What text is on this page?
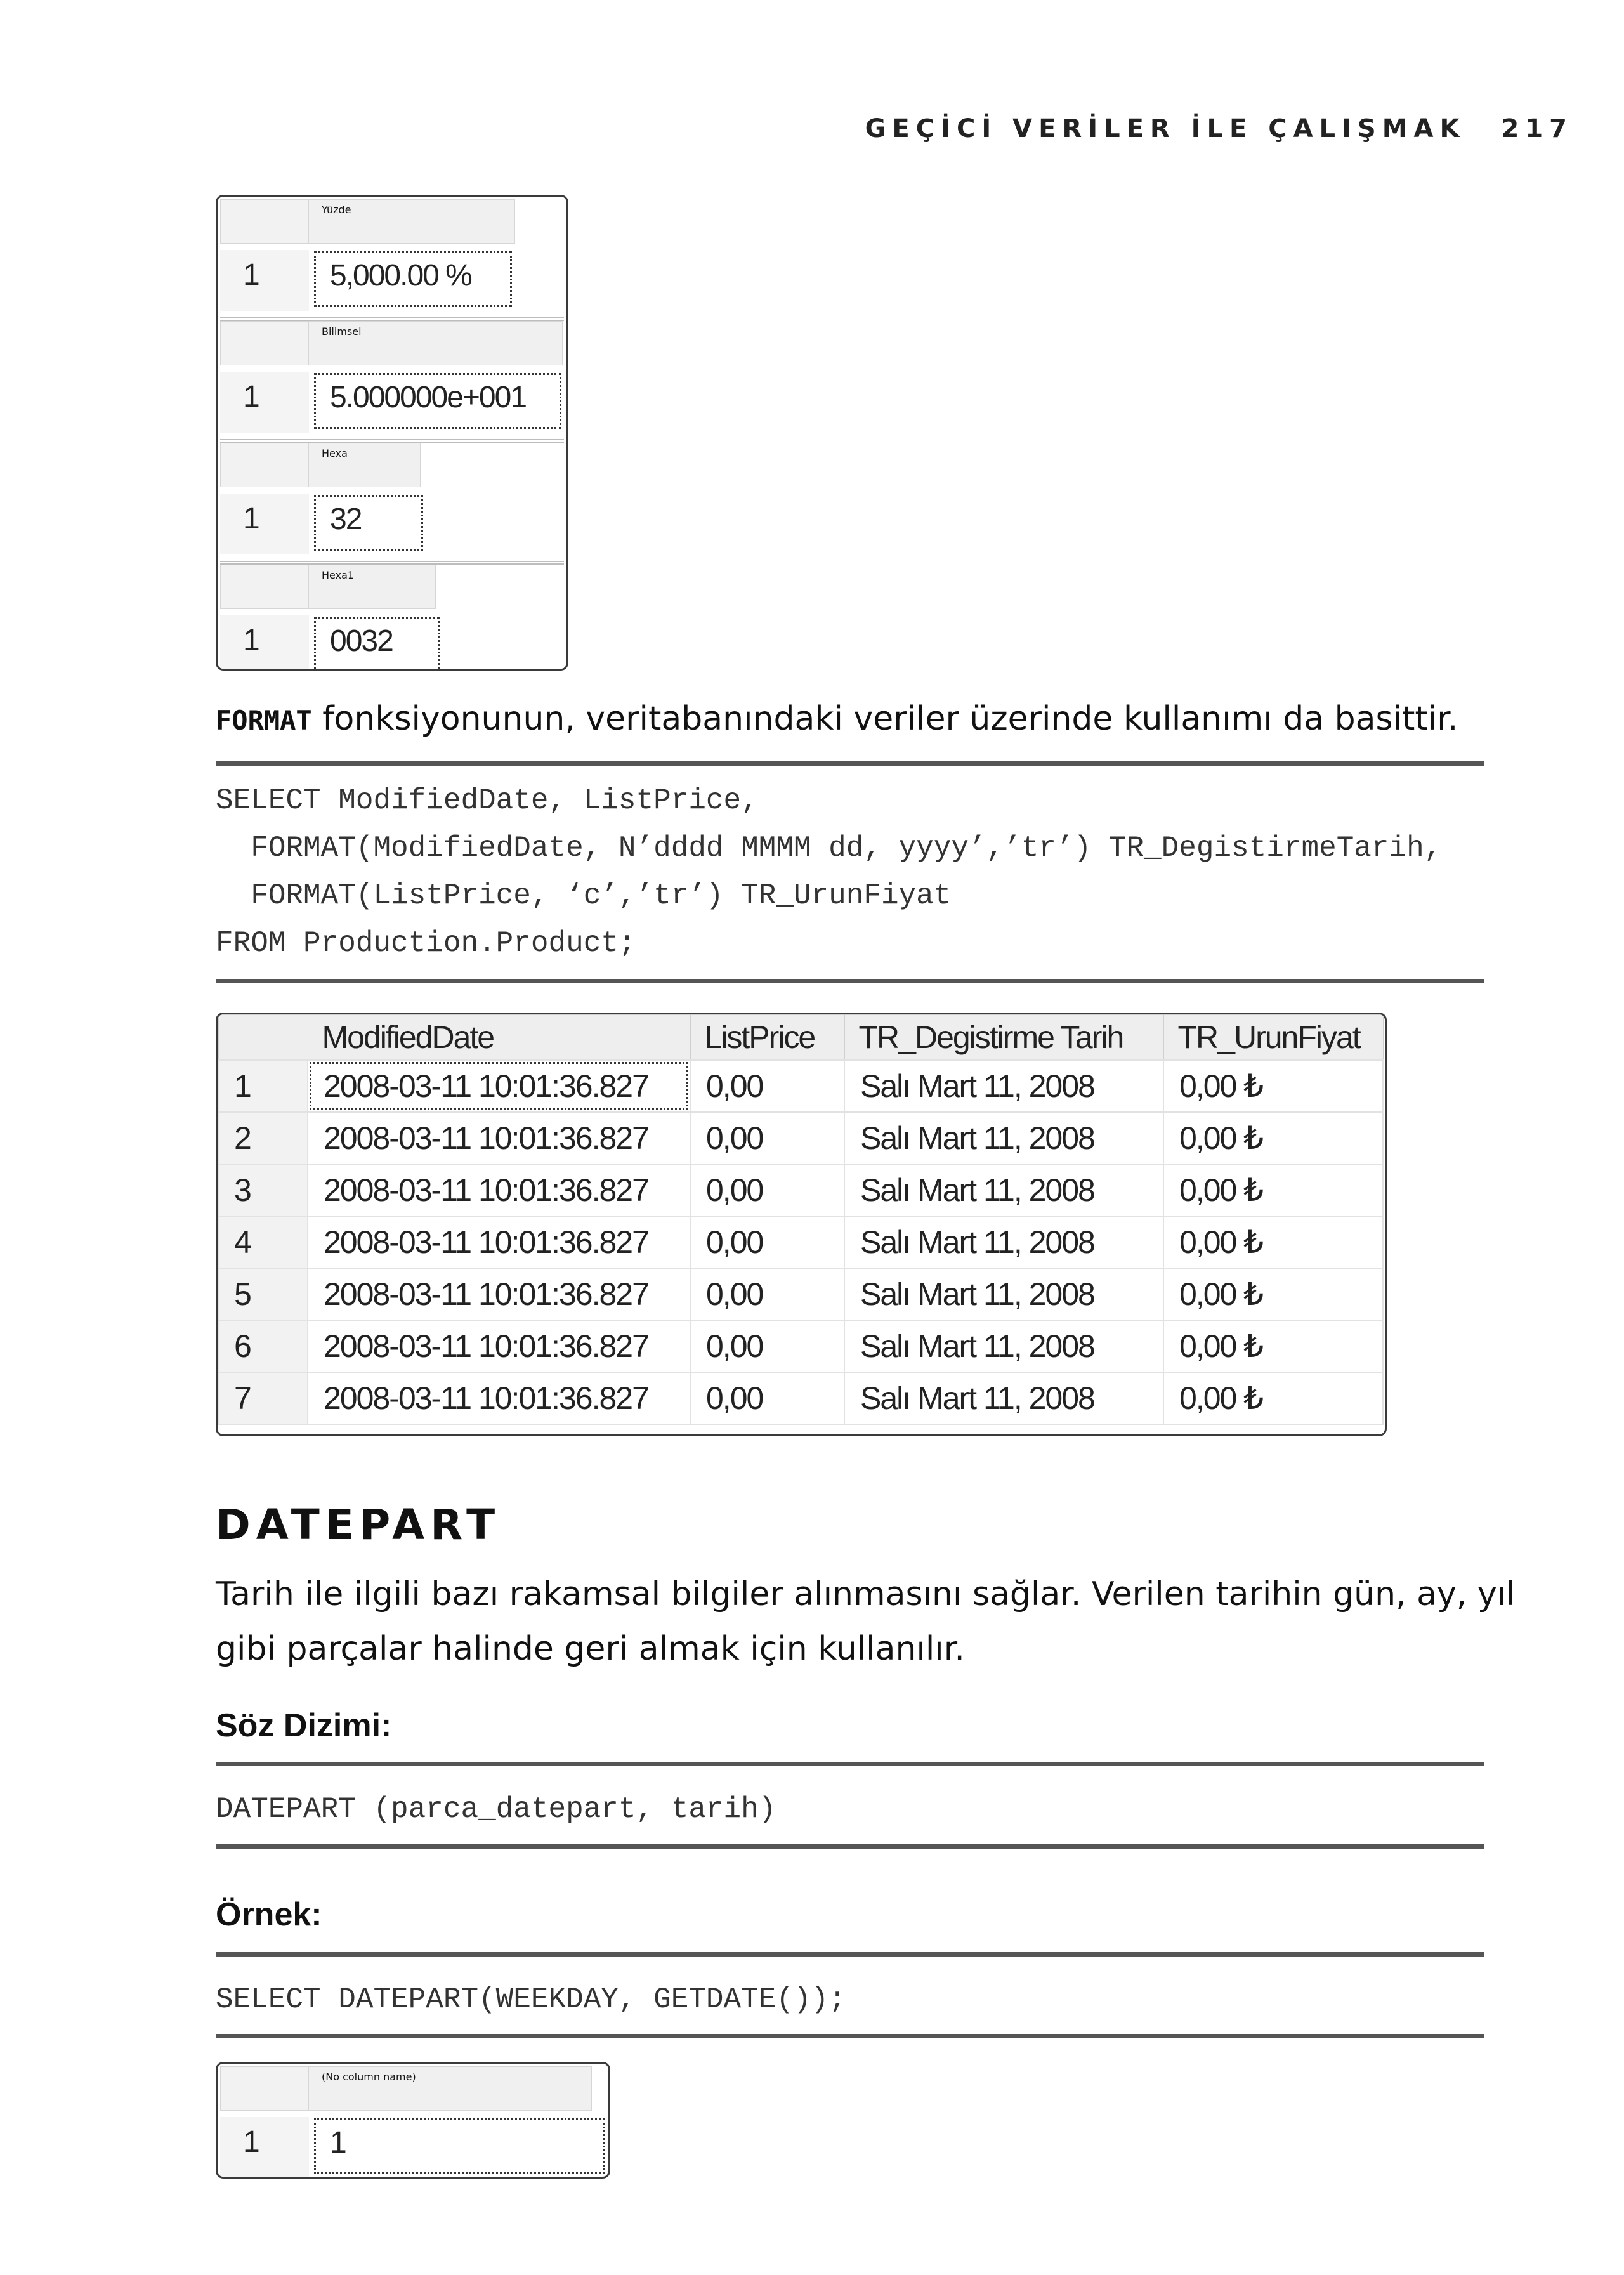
GEÇİCİ VERİLER İLE ÇALIŞMAK 217
Yüzde
1	5,000.00 %
Bilimsel
1	5.000000e+001
Hexa
1	32
Hexa1
1	0032
FORMAT fonksiyonunun, veritabanındaki veriler üzerinde kullanımı da basittir.
SELECT ModifiedDate, ListPrice,
FORMAT(ModifiedDate, N’dddd MMMM dd, yyyy’,’tr’) TR_DegistirmeTarih,
FORMAT(ListPrice, ‘c’,’tr’) TR_UrunFiyat
FROM Production.Product;
	ModifiedDate	ListPrice	TR_Degistirme Tarih	TR_UrunFiyat
1	2008-03-11 10:01:36.827	0,00	Salı Mart 11, 2008	0,00 ₺
2	2008-03-11 10:01:36.827	0,00	Salı Mart 11, 2008	0,00 ₺
3	2008-03-11 10:01:36.827	0,00	Salı Mart 11, 2008	0,00 ₺
4	2008-03-11 10:01:36.827	0,00	Salı Mart 11, 2008	0,00 ₺
5	2008-03-11 10:01:36.827	0,00	Salı Mart 11, 2008	0,00 ₺
6	2008-03-11 10:01:36.827	0,00	Salı Mart 11, 2008	0,00 ₺
7	2008-03-11 10:01:36.827	0,00	Salı Mart 11, 2008	0,00 ₺
DATEPART
Tarih ile ilgili bazı rakamsal bilgiler alınmasını sağlar. Verilen tarihin gün, ay, yıl
gibi parçalar halinde geri almak için kullanılır.
Söz Dizimi:
DATEPART (parca_datepart, tarih)
Örnek:
SELECT DATEPART(WEEKDAY, GETDATE());
(No column name)
1	1
